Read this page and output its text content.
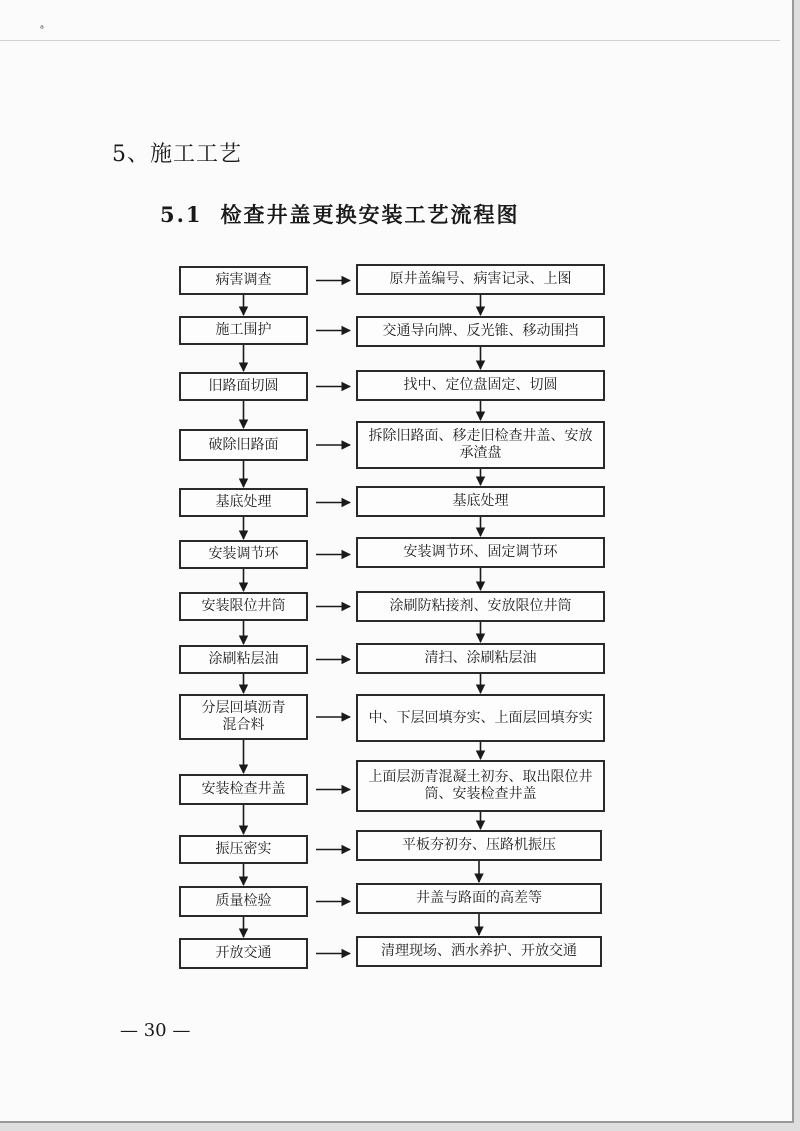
ᵃ
5、施工工艺
5.1 检查井盖更换安装工艺流程图
病害调查
施工围护
旧路面切圆
破除旧路面
基底处理
安装调节环
安装限位井筒
涂刷粘层油
分层回填沥青混合料
安装检查井盖
振压密实
质量检验
开放交通
原井盖编号、病害记录、上图
交通导向牌、反光锥、移动围挡
找中、定位盘固定、切圆
拆除旧路面、移走旧检查井盖、安放承渣盘
基底处理
安装调节环、固定调节环
涂刷防粘接剂、安放限位井筒
清扫、涂刷粘层油
中、下层回填夯实、上面层回填夯实
上面层沥青混凝土初夯、取出限位井筒、安装检查井盖
平板夯初夯、压路机振压
井盖与路面的高差等
清理现场、洒水养护、开放交通
— 30 —
